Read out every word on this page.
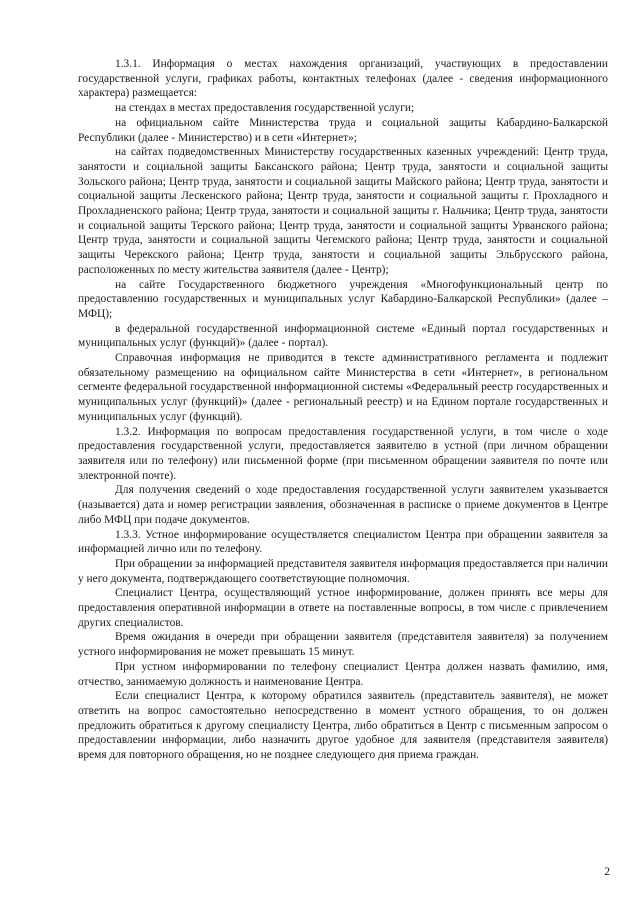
1.3.1. Информация о местах нахождения организаций, участвующих в предоставлении государственной услуги, графиках работы, контактных телефонах (далее - сведения информационного характера) размещается:

на стендах в местах предоставления государственной услуги;

на официальном сайте Министерства труда и социальной защиты Кабардино-Балкарской Республики (далее - Министерство) и в сети «Интернет»;

на сайтах подведомственных Министерству государственных казенных учреждений: Центр труда, занятости и социальной защиты Баксанского района; Центр труда, занятости и социальной защиты Зольского района; Центр труда, занятости и социальной защиты Майского района; Центр труда, занятости и социальной защиты Лескенского района; Центр труда, занятости и социальной защиты г. Прохладного и Прохладненского района; Центр труда, занятости и социальной защиты г. Нальчика; Центр труда, занятости и социальной защиты Терского района; Центр труда, занятости и социальной защиты Урванского района; Центр труда, занятости и социальной защиты Чегемского района; Центр труда, занятости и социальной защиты Черекского района; Центр труда, занятости и социальной защиты Эльбрусского района, расположенных по месту жительства заявителя (далее - Центр);

на сайте Государственного бюджетного учреждения «Многофункциональный центр по предоставлению государственных и муниципальных услуг Кабардино-Балкарской Республики» (далее – МФЦ);

в федеральной государственной информационной системе «Единый портал государственных и муниципальных услуг (функций)» (далее - портал).

Справочная информация не приводится в тексте административного регламента и подлежит обязательному размещению на официальном сайте Министерства в сети «Интернет», в региональном сегменте федеральной государственной информационной системы «Федеральный реестр государственных и муниципальных услуг (функций)» (далее - региональный реестр) и на Едином портале государственных и муниципальных услуг (функций).

1.3.2. Информация по вопросам предоставления государственной услуги, в том числе о ходе предоставления государственной услуги, предоставляется заявителю в устной (при личном обращении заявителя или по телефону) или письменной форме (при письменном обращении заявителя по почте или электронной почте).

Для получения сведений о ходе предоставления государственной услуги заявителем указывается (называется) дата и номер регистрации заявления, обозначенная в расписке о приеме документов в Центре либо МФЦ при подаче документов.

1.3.3. Устное информирование осуществляется специалистом Центра при обращении заявителя за информацией лично или по телефону.

При обращении за информацией представителя заявителя информация предоставляется при наличии у него документа, подтверждающего соответствующие полномочия.

Специалист Центра, осуществляющий устное информирование, должен принять все меры для предоставления оперативной информации в ответе на поставленные вопросы, в том числе с привлечением других специалистов.

Время ожидания в очереди при обращении заявителя (представителя заявителя) за получением устного информирования не может превышать 15 минут.

При устном информировании по телефону специалист Центра должен назвать фамилию, имя, отчество, занимаемую должность и наименование Центра.

Если специалист Центра, к которому обратился заявитель (представитель заявителя), не может ответить на вопрос самостоятельно непосредственно в момент устного обращения, то он должен предложить обратиться к другому специалисту Центра, либо обратиться в Центр с письменным запросом о предоставлении информации, либо назначить другое удобное для заявителя (представителя заявителя) время для повторного обращения, но не позднее следующего дня приема граждан.

2
